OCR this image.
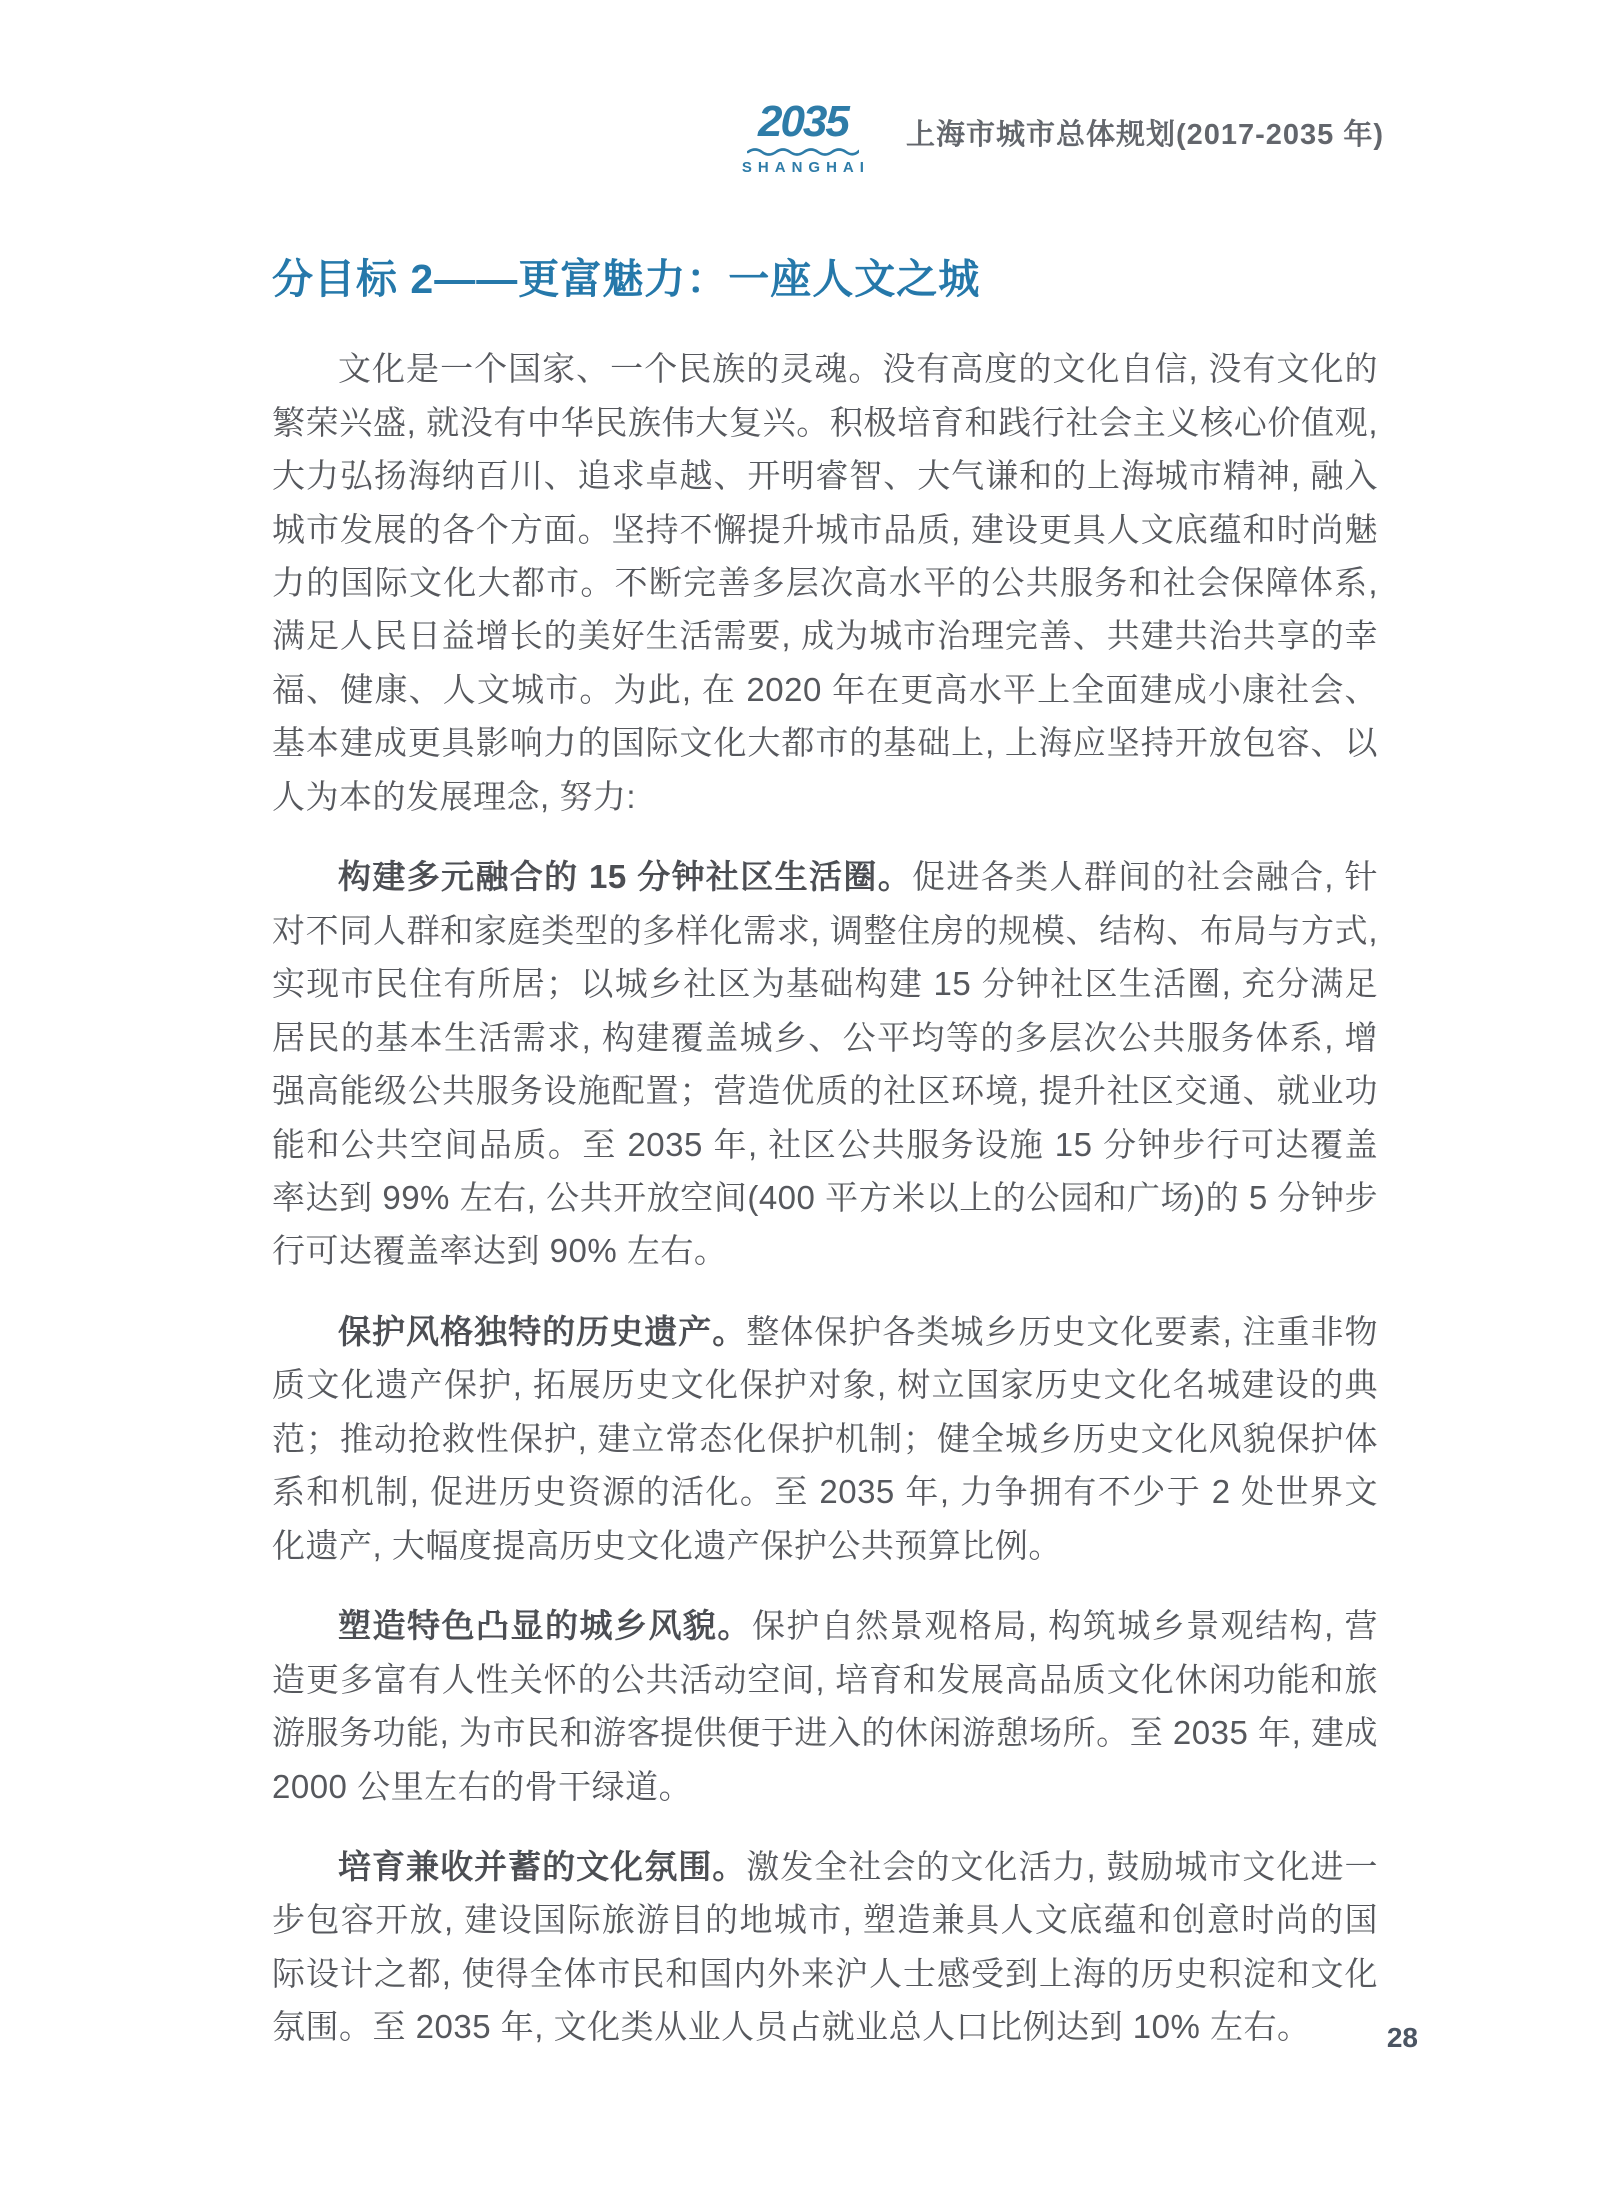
2035
SHANGHAI
上海市城市总体规划(2017-2035 年)
分目标 2——更富魅力：一座人文之城

文化是一个国家、一个民族的灵魂。没有高度的文化自信, 没有文化的繁荣兴盛, 就没有中华民族伟大复兴。积极培育和践行社会主义核心价值观, 大力弘扬海纳百川、追求卓越、开明睿智、大气谦和的上海城市精神, 融入城市发展的各个方面。坚持不懈提升城市品质, 建设更具人文底蕴和时尚魅力的国际文化大都市。不断完善多层次高水平的公共服务和社会保障体系, 满足人民日益增长的美好生活需要, 成为城市治理完善、共建共治共享的幸福、健康、人文城市。为此, 在 2020 年在更高水平上全面建成小康社会、基本建成更具影响力的国际文化大都市的基础上, 上海应坚持开放包容、以人为本的发展理念, 努力:

构建多元融合的 15 分钟社区生活圈。促进各类人群间的社会融合, 针对不同人群和家庭类型的多样化需求, 调整住房的规模、结构、布局与方式, 实现市民住有所居；以城乡社区为基础构建 15 分钟社区生活圈, 充分满足居民的基本生活需求, 构建覆盖城乡、公平均等的多层次公共服务体系, 增强高能级公共服务设施配置；营造优质的社区环境, 提升社区交通、就业功能和公共空间品质。至 2035 年, 社区公共服务设施 15 分钟步行可达覆盖率达到 99% 左右, 公共开放空间(400 平方米以上的公园和广场)的 5 分钟步行可达覆盖率达到 90% 左右。

保护风格独特的历史遗产。整体保护各类城乡历史文化要素, 注重非物质文化遗产保护, 拓展历史文化保护对象, 树立国家历史文化名城建设的典范；推动抢救性保护, 建立常态化保护机制；健全城乡历史文化风貌保护体系和机制, 促进历史资源的活化。至 2035 年, 力争拥有不少于 2 处世界文化遗产, 大幅度提高历史文化遗产保护公共预算比例。

塑造特色凸显的城乡风貌。保护自然景观格局, 构筑城乡景观结构, 营造更多富有人性关怀的公共活动空间, 培育和发展高品质文化休闲功能和旅游服务功能, 为市民和游客提供便于进入的休闲游憩场所。至 2035 年, 建成 2000 公里左右的骨干绿道。

培育兼收并蓄的文化氛围。激发全社会的文化活力, 鼓励城市文化进一步包容开放, 建设国际旅游目的地城市, 塑造兼具人文底蕴和创意时尚的国际设计之都, 使得全体市民和国内外来沪人士感受到上海的历史积淀和文化氛围。至 2035 年, 文化类从业人员占就业总人口比例达到 10% 左右。	28
